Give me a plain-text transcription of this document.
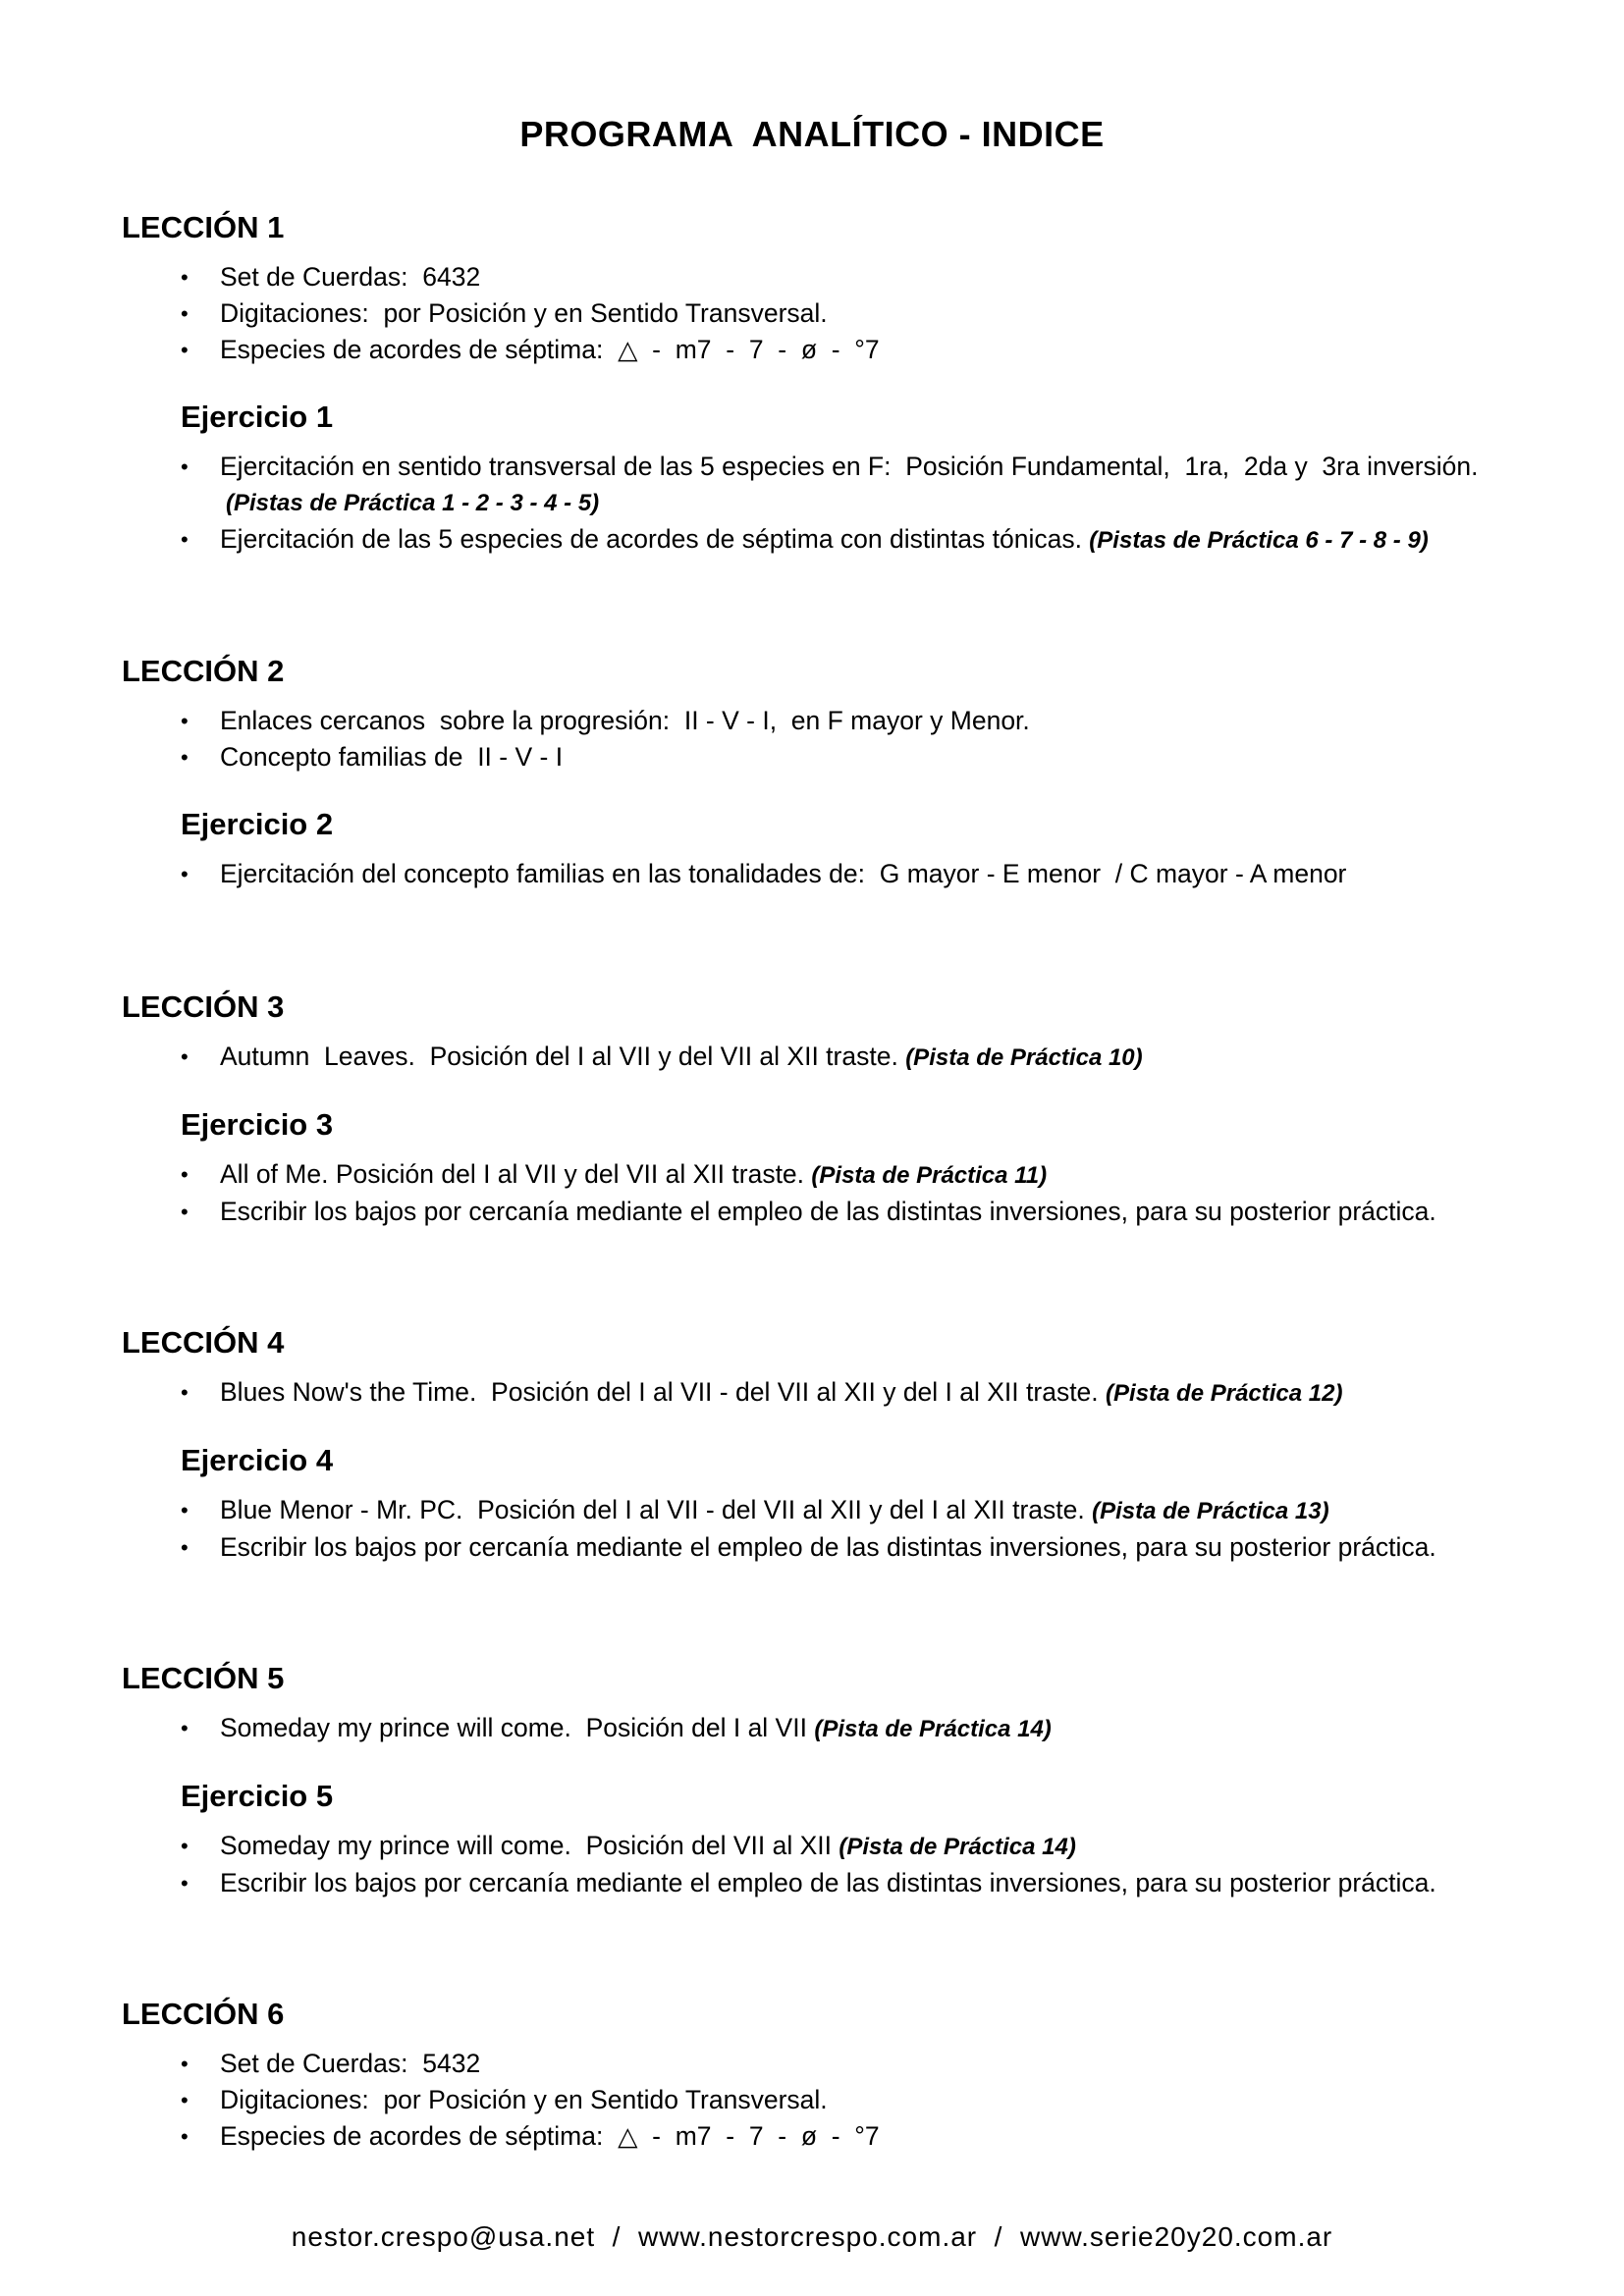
PROGRAMA  ANALÍTICO - INDICE
LECCIÓN 1
• Set de Cuerdas:  6432
• Digitaciones:  por Posición y en Sentido Transversal.
• Especies de acordes de séptima:  △  -  m7  -  7  -  ø  -  °7
Ejercicio 1
• Ejercitación en sentido transversal de las 5 especies en F:  Posición Fundamental,  1ra,  2da y  3ra inversión.
(Pistas de Práctica 1 - 2 - 3 - 4 - 5)
• Ejercitación de las 5 especies de acordes de séptima con distintas tónicas. (Pistas de Práctica 6 - 7 - 8 - 9)
LECCIÓN 2
• Enlaces cercanos  sobre la progresión:  II - V - I,  en F mayor y Menor.
• Concepto familias de  II - V - I
Ejercicio 2
• Ejercitación del concepto familias en las tonalidades de:  G mayor - E menor  / C mayor - A menor
LECCIÓN 3
• Autumn  Leaves.  Posición del I al VII y del VII al XII traste. (Pista de Práctica 10)
Ejercicio 3
• All of Me. Posición del I al VII y del VII al XII traste. (Pista de Práctica 11)
• Escribir los bajos por cercanía mediante el empleo de las distintas inversiones, para su posterior práctica.
LECCIÓN 4
• Blues Now's the Time.  Posición del I al VII - del VII al XII y del I al XII traste. (Pista de Práctica 12)
Ejercicio 4
• Blue Menor - Mr. PC.  Posición del I al VII - del VII al XII y del I al XII traste. (Pista de Práctica 13)
• Escribir los bajos por cercanía mediante el empleo de las distintas inversiones, para su posterior práctica.
LECCIÓN 5
• Someday my prince will come.  Posición del I al VII (Pista de Práctica 14)
Ejercicio 5
• Someday my prince will come.  Posición del VII al XII (Pista de Práctica 14)
• Escribir los bajos por cercanía mediante el empleo de las distintas inversiones, para su posterior práctica.
LECCIÓN 6
• Set de Cuerdas:  5432
• Digitaciones:  por Posición y en Sentido Transversal.
• Especies de acordes de séptima:  △  -  m7  -  7  -  ø  -  °7
nestor.crespo@usa.net  /  www.nestorcrespo.com.ar  /  www.serie20y20.com.ar
